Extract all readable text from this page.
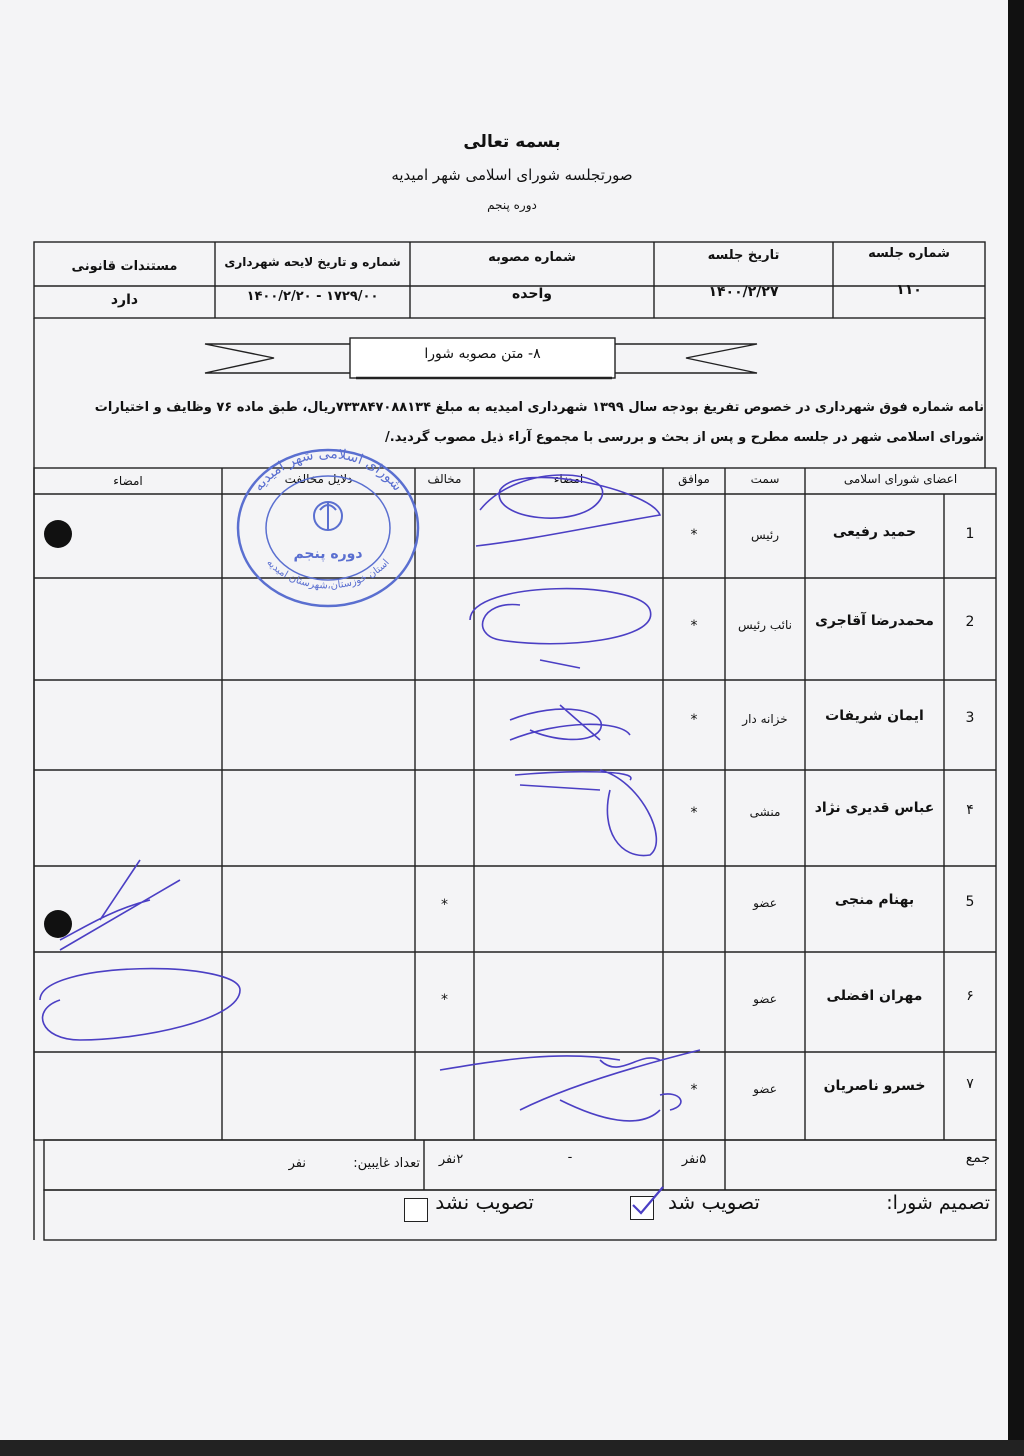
بسمه تعالی
صورتجلسه شورای اسلامی شهر امیدیه
دوره پنجم
شماره جلسه
تاریخ جلسه
شماره مصوبه
شماره و تاریخ لایحه شهرداری
مستندات قانونی
۱۱۰
۱۴۰۰/۲/۲۷
واحده
۱۷۲۹/۰۰ - ۱۴۰۰/۲/۲۰
دارد
۸- متن مصوبه شورا
نامه شماره فوق شهرداری در خصوص تفریغ بودجه سال ۱۳۹۹ شهرداری امیدیه به مبلغ ۷۳۳۸۴۷۰۸۸۱۳۴ریال، طبق ماده ۷۶ وظایف و اختیارات
شورای اسلامی شهر در جلسه مطرح و پس از بحث و بررسی با مجموع آراء ذیل مصوب گردید./
اعضای شورای اسلامی
سمت
موافق
امضاء
مخالف
دلایل مخالفت
امضاء
1
حمید رفیعی
رئیس
*
2
محمدرضا آقاجری
نائب رئیس
*
3
ایمان شریفات
خزانه دار
*
۴
عباس قدیری نژاد
منشی
*
5
بهنام منجی
عضو
*
۶
مهران افضلی
عضو
*
۷
خسرو ناصریان
عضو
*
جمع
۵نفر
-
۲نفر
تعداد غایبین:
نفر
تصمیم شورا:
تصویب شد
تصویب نشد
شورای اسلامی شهر امیدیه
استان خوزستان،شهرستان امیدیه
دوره پنجم
